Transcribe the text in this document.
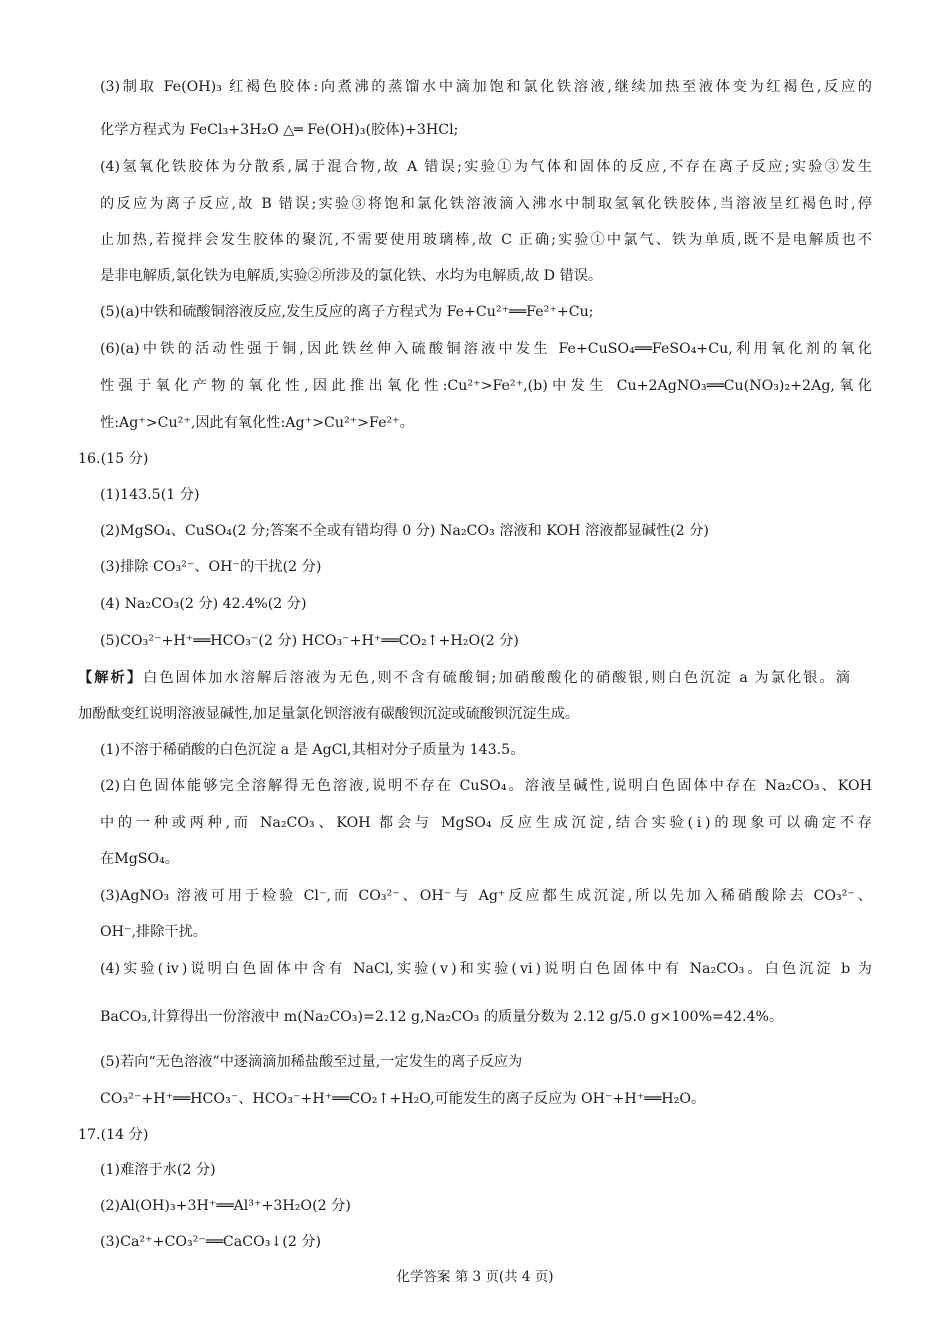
(3)制取 Fe(OH)₃ 红褐色胶体:向煮沸的蒸馏水中滴加饱和氯化铁溶液,继续加热至液体变为红褐色,反应的
化学方程式为 FeCl₃+3H₂O △═ Fe(OH)₃(胶体)+3HCl;
(4)氢氧化铁胶体为分散系,属于混合物,故 A 错误;实验①为气体和固体的反应,不存在离子反应;实验③发生
的反应为离子反应,故 B 错误;实验③将饱和氯化铁溶液滴入沸水中制取氢氧化铁胶体,当溶液呈红褐色时,停
止加热,若搅拌会发生胶体的聚沉,不需要使用玻璃棒,故 C 正确;实验①中氯气、铁为单质,既不是电解质也不
是非电解质,氯化铁为电解质,实验②所涉及的氯化铁、水均为电解质,故 D 错误。
(5)(a)中铁和硫酸铜溶液反应,发生反应的离子方程式为 Fe+Cu²⁺══Fe²⁺+Cu;
(6)(a)中铁的活动性强于铜,因此铁丝伸入硫酸铜溶液中发生 Fe+CuSO₄══FeSO₄+Cu,利用氧化剂的氧化
性强于氧化产物的氧化性,因此推出氧化性:Cu²⁺>Fe²⁺,(b)中发生 Cu+2AgNO₃══Cu(NO₃)₂+2Ag,氧化
性:Ag⁺>Cu²⁺,因此有氧化性:Ag⁺>Cu²⁺>Fe²⁺。
16.(15 分)
(1)143.5(1 分)
(2)MgSO₄、CuSO₄(2 分;答案不全或有错均得 0 分) Na₂CO₃ 溶液和 KOH 溶液都显碱性(2 分)
(3)排除 CO₃²⁻、OH⁻的干扰(2 分)
(4) Na₂CO₃(2 分) 42.4%(2 分)
(5)CO₃²⁻+H⁺══HCO₃⁻(2 分) HCO₃⁻+H⁺══CO₂↑+H₂O(2 分)
【解析】白色固体加水溶解后溶液为无色,则不含有硫酸铜;加硝酸酸化的硝酸银,则白色沉淀 a 为氯化银。滴
加酚酞变红说明溶液显碱性,加足量氯化钡溶液有碳酸钡沉淀或硫酸钡沉淀生成。
(1)不溶于稀硝酸的白色沉淀 a 是 AgCl,其相对分子质量为 143.5。
(2)白色固体能够完全溶解得无色溶液,说明不存在 CuSO₄。溶液呈碱性,说明白色固体中存在 Na₂CO₃、KOH
中的一种或两种,而 Na₂CO₃、KOH 都会与 MgSO₄ 反应生成沉淀,结合实验(ⅰ)的现象可以确定不存
在MgSO₄。
(3)AgNO₃ 溶液可用于检验 Cl⁻,而 CO₃²⁻、OH⁻与 Ag⁺反应都生成沉淀,所以先加入稀硝酸除去 CO₃²⁻、
OH⁻,排除干扰。
(4)实验(ⅳ)说明白色固体中含有 NaCl,实验(ⅴ)和实验(ⅵ)说明白色固体中有 Na₂CO₃。白色沉淀 b 为
BaCO₃,计算得出一份溶液中 m(Na₂CO₃)=2.12 g,Na₂CO₃ 的质量分数为 2.12 g/5.0 g×100%=42.4%。
(5)若向“无色溶液”中逐滴滴加稀盐酸至过量,一定发生的离子反应为
CO₃²⁻+H⁺══HCO₃⁻、HCO₃⁻+H⁺══CO₂↑+H₂O,可能发生的离子反应为 OH⁻+H⁺══H₂O。
17.(14 分)
(1)难溶于水(2 分)
(2)Al(OH)₃+3H⁺══Al³⁺+3H₂O(2 分)
(3)Ca²⁺+CO₃²⁻══CaCO₃↓(2 分)
化学答案 第 3 页(共 4 页)
